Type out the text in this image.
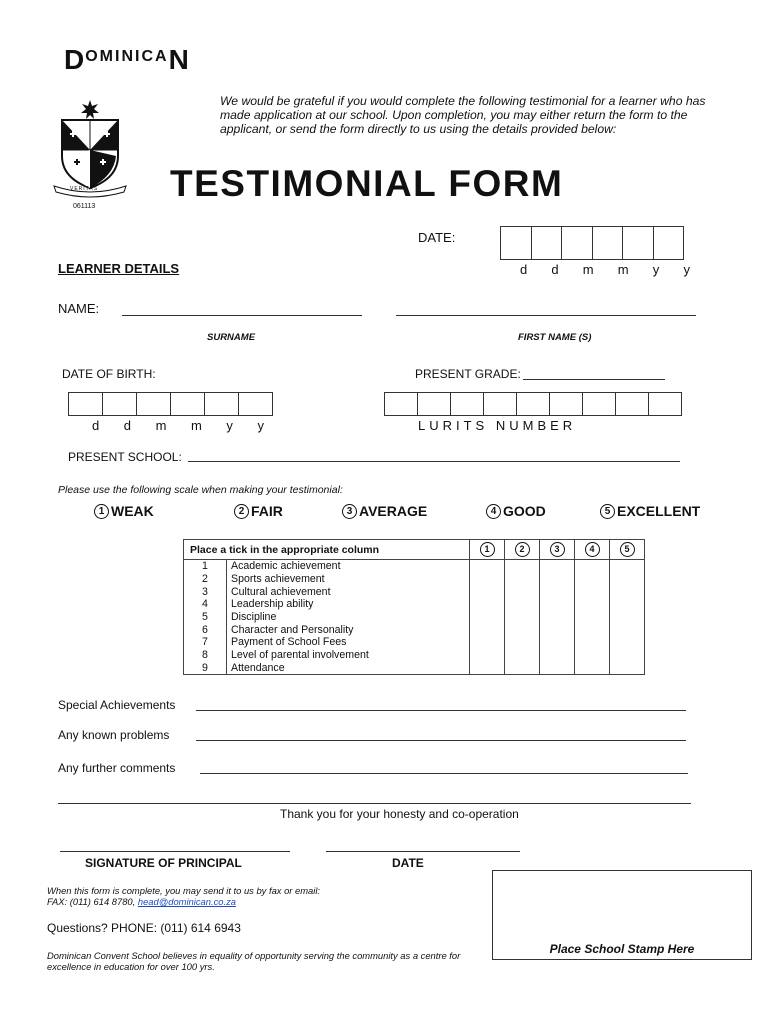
DOMINICAN
VERITAS
061113
We would be grateful if you would complete the following testimonial for a learner who has made application at our school. Upon completion, you may either return the form to the applicant, or send the form directly to us using the details provided below:
TESTIMONIAL FORM
DATE:
d d m m y y
LEARNER DETAILS
NAME:
SURNAME	FIRST NAME (S)
DATE OF BIRTH:	PRESENT GRADE:
d d m m y y	LURITS NUMBER
PRESENT SCHOOL:
Please use the following scale when making your testimonial:
1 WEAK	2 FAIR	3 AVERAGE	4 GOOD	5 EXCELLENT
Place a tick in the appropriate column		1	2	3	4	5
1	Academic achievement					
2	Sports achievement					
3	Cultural achievement					
4	Leadership ability					
5	Discipline					
6	Character and Personality					
7	Payment of School Fees					
8	Level of parental involvement					
9	Attendance					
Special Achievements
Any known problems
Any further comments
Thank you for your honesty and co-operation
SIGNATURE OF PRINCIPAL	DATE
When this form is complete, you may send it to us by fax or email:
FAX: (011) 614 8780, head@dominican.co.za
Questions? PHONE: (011) 614 6943
Dominican Convent School believes in equality of opportunity serving the community as a centre for excellence in education for over 100 yrs.
Place School Stamp Here
